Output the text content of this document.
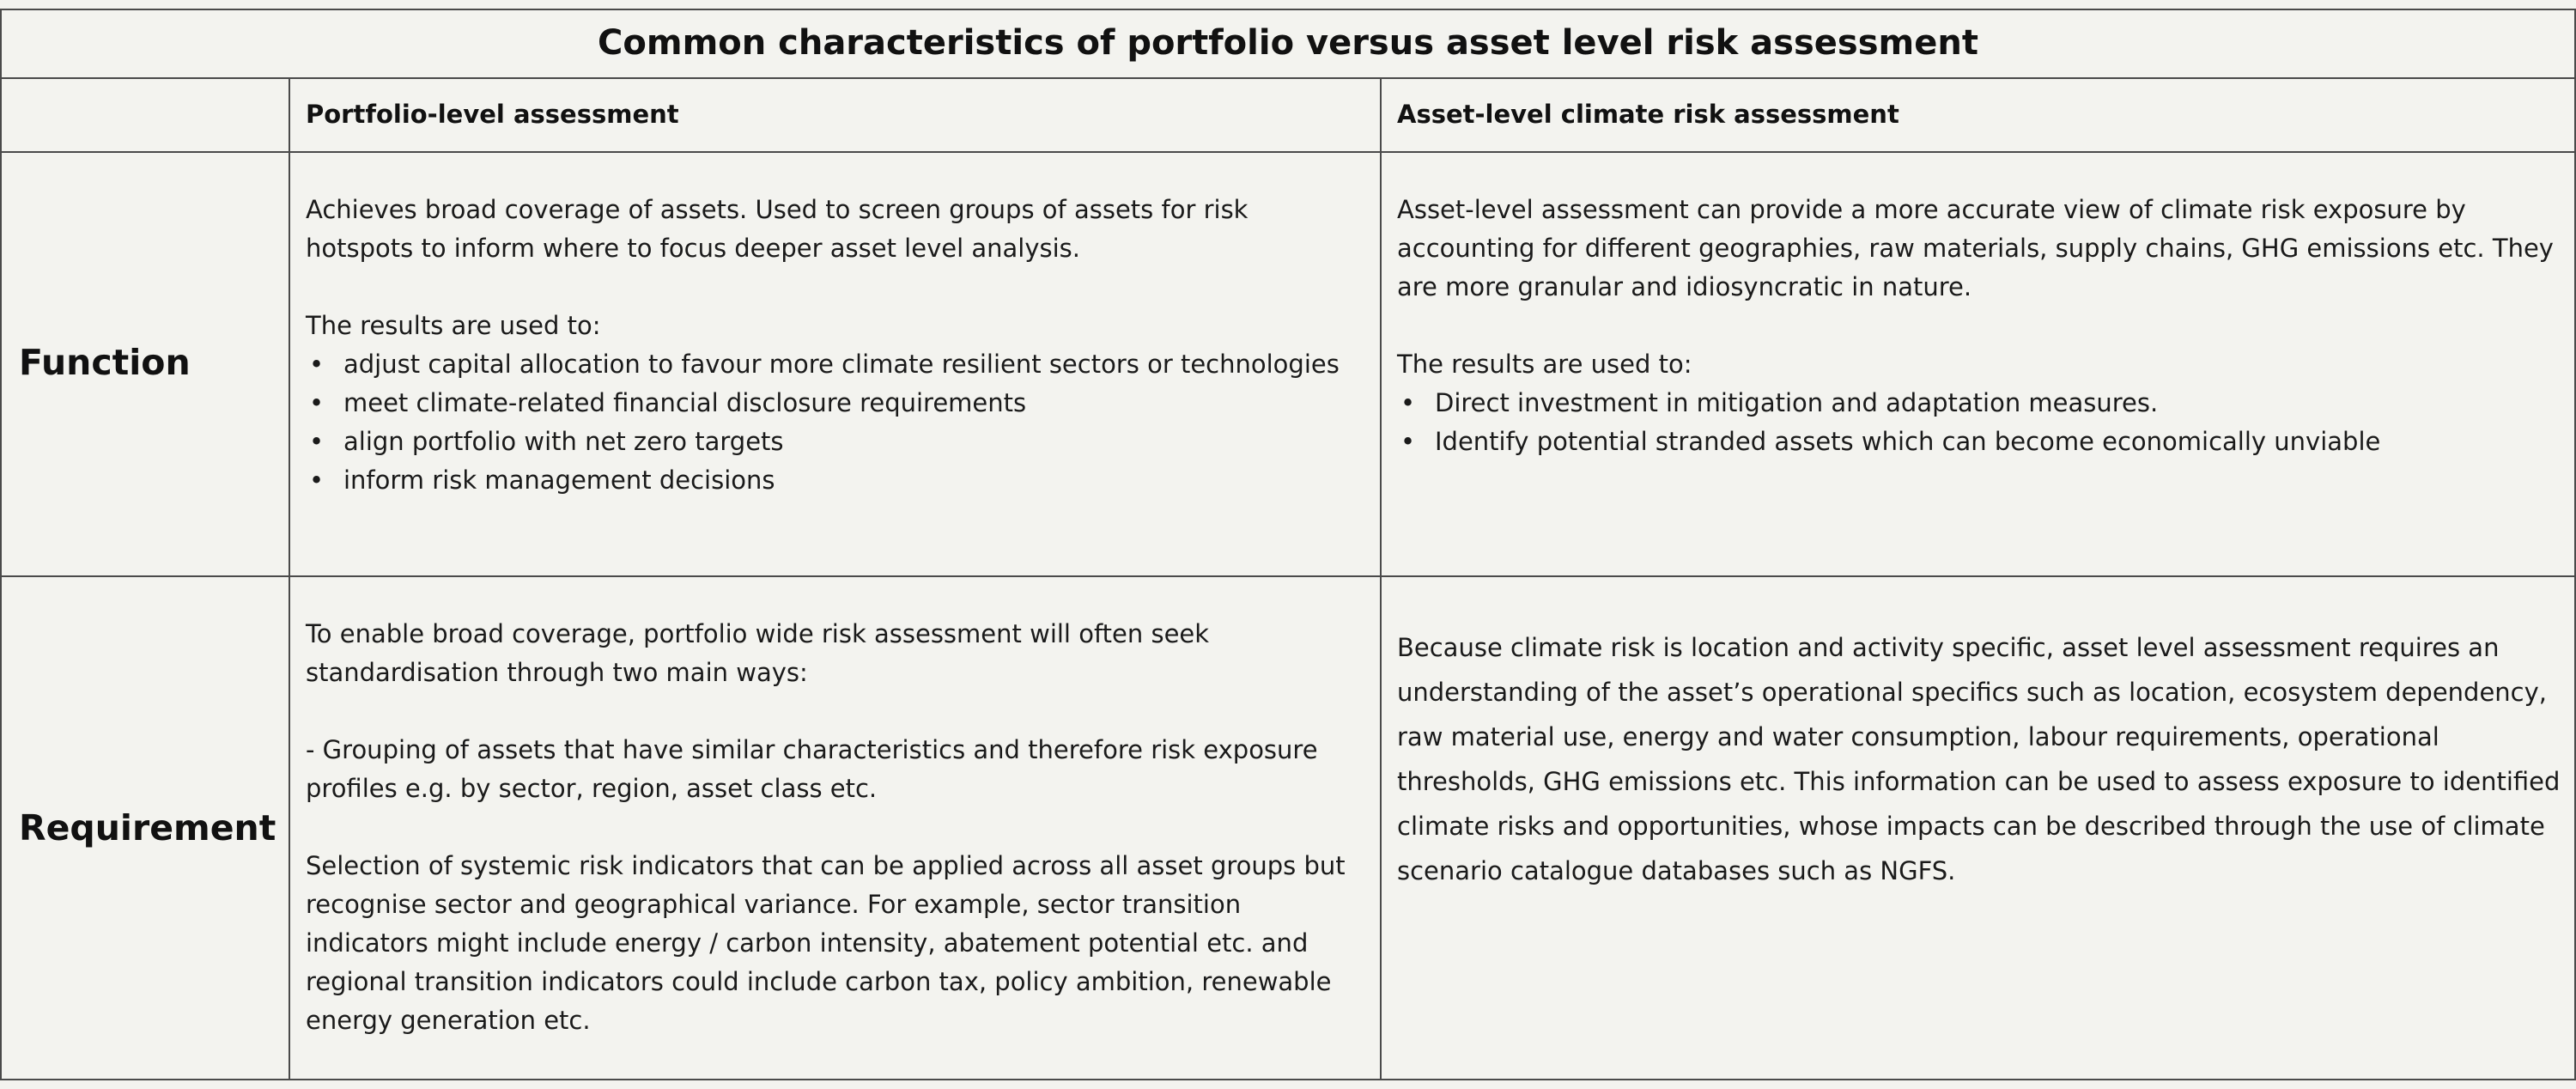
Common characteristics of portfolio versus asset level risk assessment
Portfolio-level assessment	Asset-level climate risk assessment
Function
Requirement

Achieves broad coverage of assets. Used to screen groups of assets for risk hotspots to inform where to focus deeper asset level analysis.

The results are used to:

• adjust capital allocation to favour more climate resilient sectors or technologies
• meet climate-related financial disclosure requirements
• align portfolio with net zero targets
• inform risk management decisions

Asset-level assessment can provide a more accurate view of climate risk exposure by accounting for different geographies, raw materials, supply chains, GHG emissions etc. They are more granular and idiosyncratic in nature.

The results are used to:

• Direct investment in mitigation and adaptation measures.
• Identify potential stranded assets which can become economically unviable

To enable broad coverage, portfolio wide risk assessment will often seek standardisation through two main ways:

- Grouping of assets that have similar characteristics and therefore risk exposure profiles e.g. by sector, region, asset class etc.

Selection of systemic risk indicators that can be applied across all asset groups but recognise sector and geographical variance. For example, sector transition indicators might include energy / carbon intensity, abatement potential etc. and regional transition indicators could include carbon tax, policy ambition, renewable energy generation etc.

Because climate risk is location and activity specific, asset level assessment requires an understanding of the asset’s operational specifics such as location, ecosystem dependency, raw material use, energy and water consumption, labour requirements, operational thresholds, GHG emissions etc. This information can be used to assess exposure to identified climate risks and opportunities, whose impacts can be described through the use of climate scenario catalogue databases such as NGFS.
